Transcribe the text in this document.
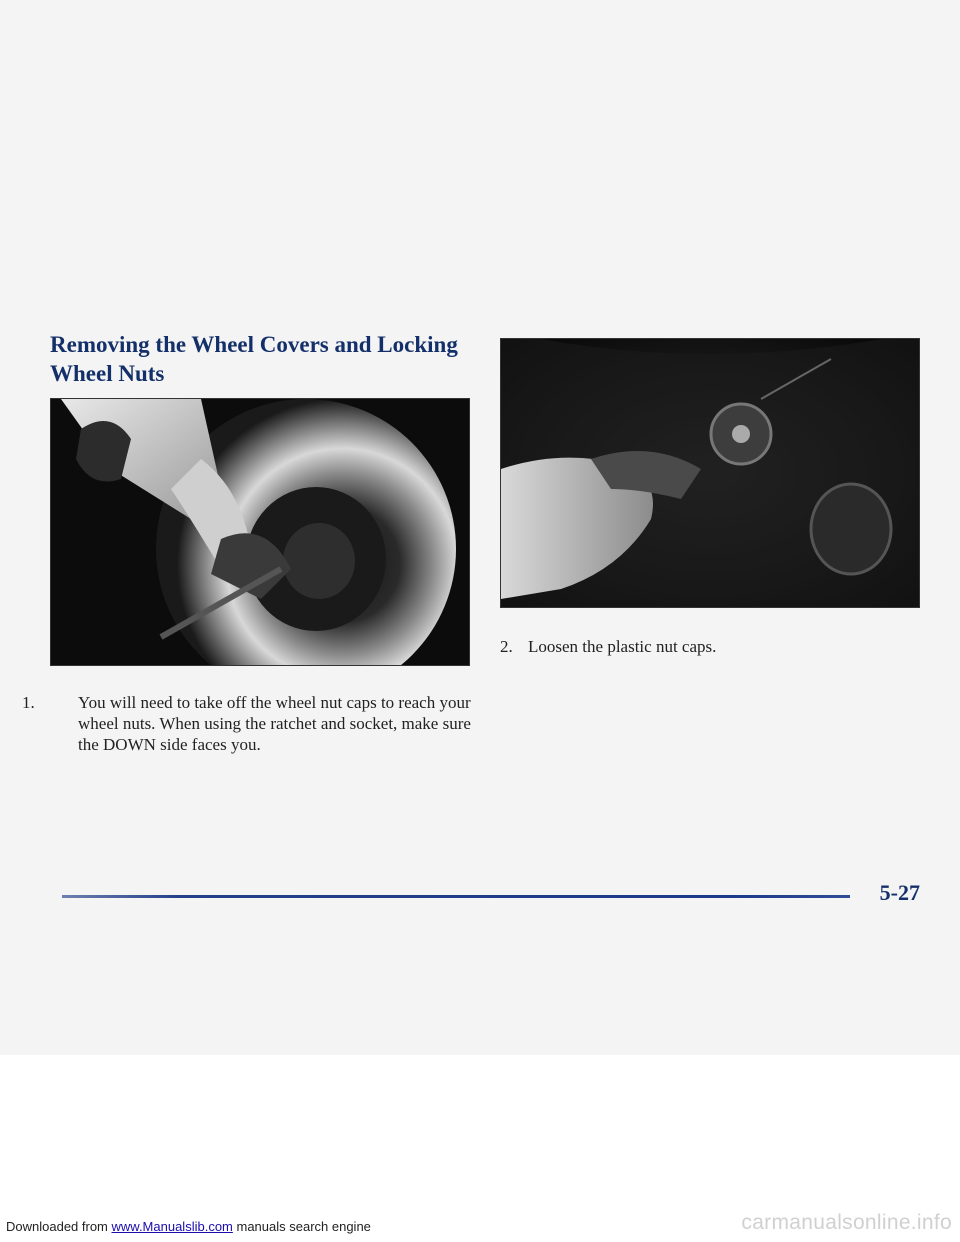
Removing the Wheel Covers and Locking Wheel Nuts
1.	You will need to take off the wheel nut caps to reach your wheel nuts. When using the ratchet and socket, make sure the DOWN side faces you.
2. Loosen the plastic nut caps.
5-27
Downloaded from www.Manualslib.com manuals search engine	carmanualsonline.info
